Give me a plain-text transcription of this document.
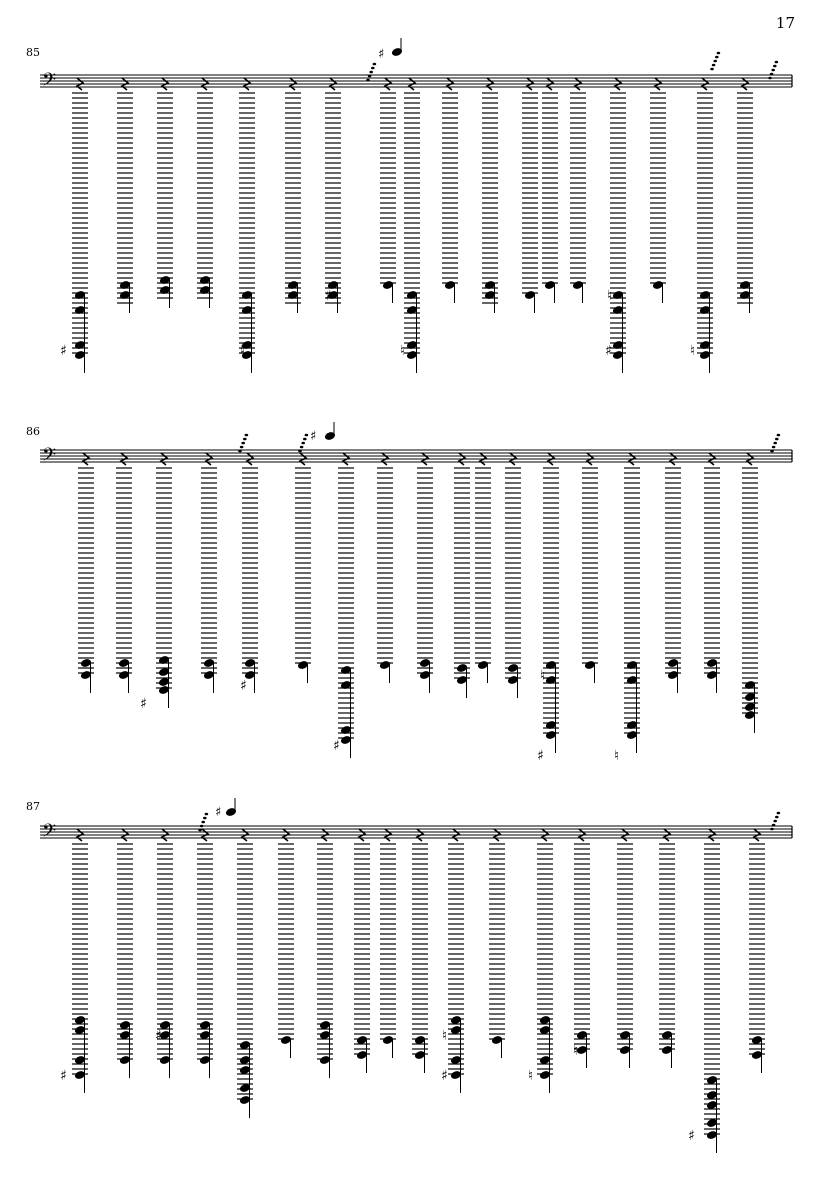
17
85
86
87
𝄢
♯	♮	♮
♯	♮
♯	♮
♯
𝄢
♯
♯
♯
♮
♯	♮
♯
𝄢
♯
♯	♮
♯	♮
♮
♯
♯
